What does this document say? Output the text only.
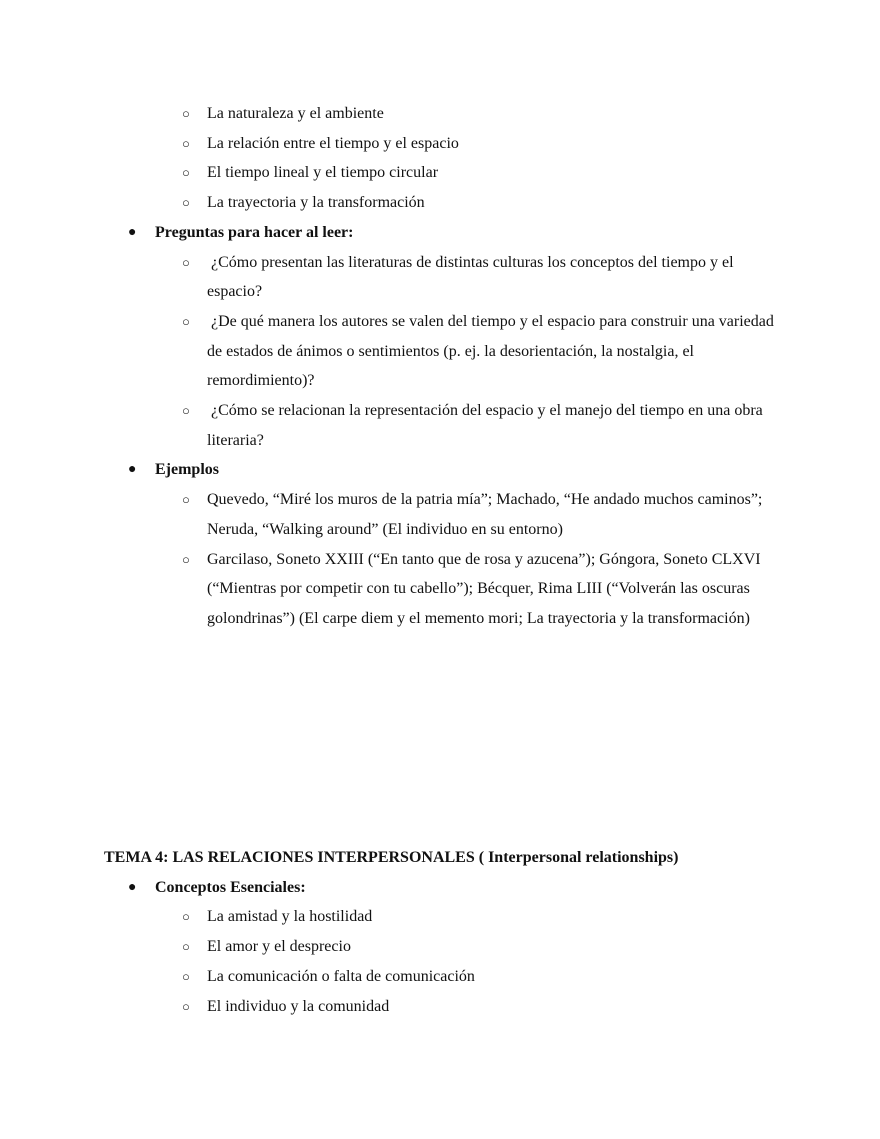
○ La naturaleza y el ambiente
○ La relación entre el tiempo y el espacio
○ El tiempo lineal y el tiempo circular
○ La trayectoria y la transformación
● Preguntas para hacer al leer:
○ ¿Cómo presentan las literaturas de distintas culturas los conceptos del tiempo y el espacio?
○ ¿De qué manera los autores se valen del tiempo y el espacio para construir una variedad de estados de ánimos o sentimientos (p. ej. la desorientación, la nostalgia, el remordimiento)?
○ ¿Cómo se relacionan la representación del espacio y el manejo del tiempo en una obra literaria?
● Ejemplos
○ Quevedo, “Miré los muros de la patria mía”; Machado, “He andado muchos caminos”; Neruda, “Walking around” (El individuo en su entorno)
○ Garcilaso, Soneto XXIII (“En tanto que de rosa y azucena”); Góngora, Soneto CLXVI (“Mientras por competir con tu cabello”); Bécquer, Rima LIII (“Volverán las oscuras golondrinas”) (El carpe diem y el memento mori; La trayectoria y la transformación)
TEMA 4: LAS RELACIONES INTERPERSONALES ( Interpersonal relationships)
● Conceptos Esenciales:
○ La amistad y la hostilidad
○ El amor y el desprecio
○ La comunicación o falta de comunicación
○ El individuo y la comunidad
